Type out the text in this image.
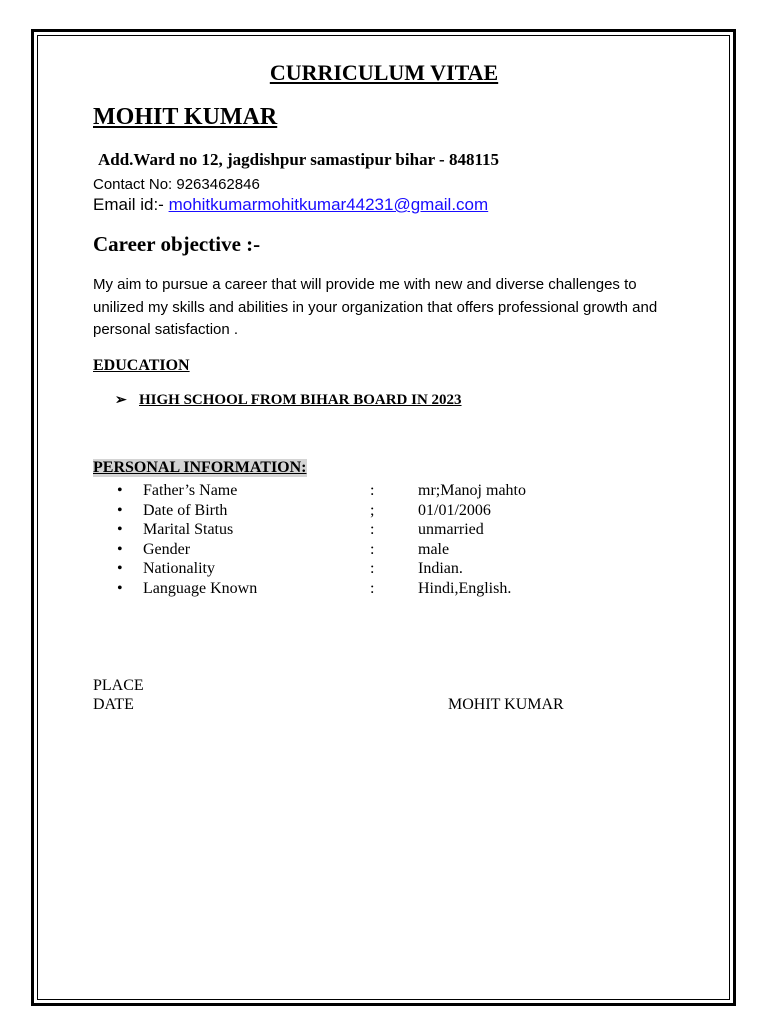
CURRICULUM VITAE
MOHIT KUMAR
Add.Ward no 12, jagdishpur samastipur bihar - 848115
Contact No: 9263462846
Email id:- mohitkumarmohitkumar44231@gmail.com
Career objective :-
My aim to pursue a career that will provide me with new and diverse challenges to unilized my skills and abilities in your organization that offers professional growth and personal satisfaction .
EDUCATION
➢ HIGH SCHOOL FROM BIHAR BOARD IN 2023
PERSONAL INFORMATION:
• Father’s Name	:	mr;Manoj mahto
• Date of Birth	;	01/01/2006
• Marital Status	:	unmarried
• Gender	:	male
• Nationality	:	Indian.
• Language Known	:	Hindi,English.
PLACE
DATE	MOHIT KUMAR
